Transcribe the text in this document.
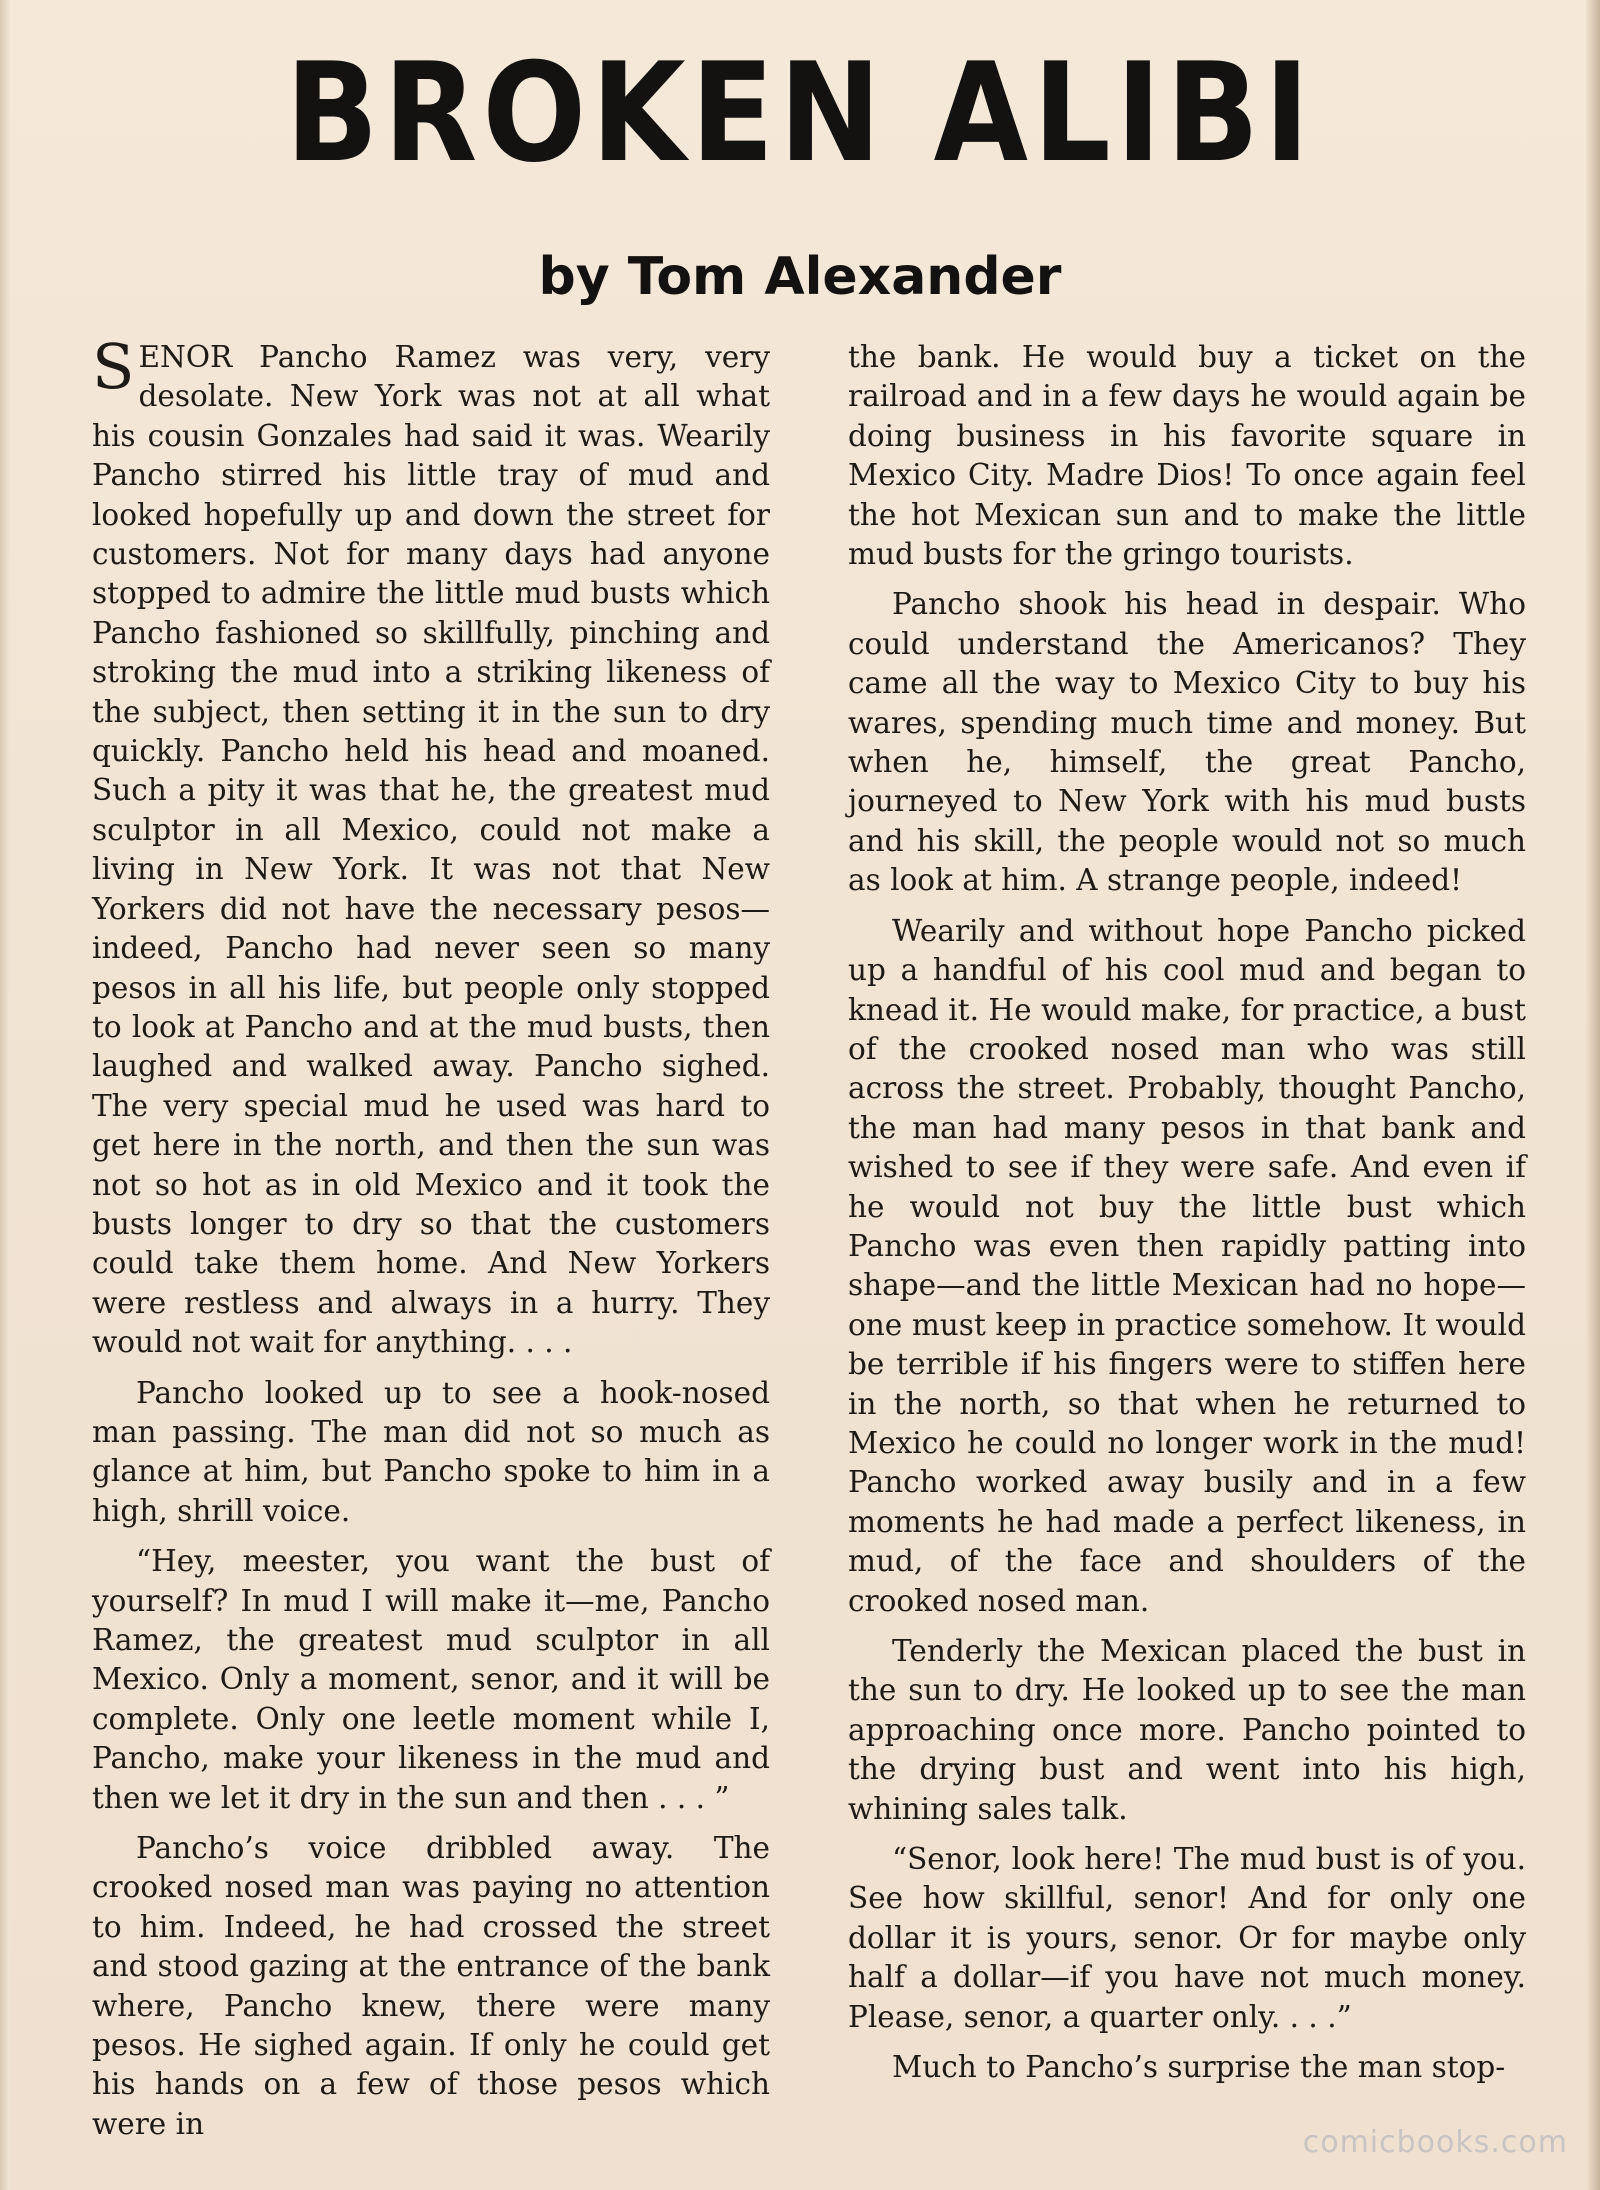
BROKEN ALIBI
by Tom Alexander

SENOR Pancho Ramez was very, very desolate. New York was not at all what his cousin Gonzales had said it was. Wearily Pancho stirred his little tray of mud and looked hopefully up and down the street for customers. Not for many days had anyone stopped to admire the little mud busts which Pancho fashioned so skillfully, pinching and stroking the mud into a striking likeness of the subject, then setting it in the sun to dry quickly. Pancho held his head and moaned. Such a pity it was that he, the greatest mud sculptor in all Mexico, could not make a living in New York. It was not that New Yorkers did not have the necessary pesos—indeed, Pancho had never seen so many pesos in all his life, but people only stopped to look at Pancho and at the mud busts, then laughed and walked away. Pancho sighed. The very special mud he used was hard to get here in the north, and then the sun was not so hot as in old Mexico and it took the busts longer to dry so that the customers could take them home. And New Yorkers were restless and always in a hurry. They would not wait for anything. . . .

Pancho looked up to see a hook-nosed man passing. The man did not so much as glance at him, but Pancho spoke to him in a high, shrill voice.

“Hey, meester, you want the bust of yourself? In mud I will make it—me, Pancho Ramez, the greatest mud sculptor in all Mexico. Only a moment, senor, and it will be complete. Only one leetle moment while I, Pancho, make your likeness in the mud and then we let it dry in the sun and then . . . ”

Pancho’s voice dribbled away. The crooked nosed man was paying no attention to him. Indeed, he had crossed the street and stood gazing at the entrance of the bank where, Pancho knew, there were many pesos. He sighed again. If only he could get his hands on a few of those pesos which were in

the bank. He would buy a ticket on the railroad and in a few days he would again be doing business in his favorite square in Mexico City. Madre Dios! To once again feel the hot Mexican sun and to make the little mud busts for the gringo tourists.

Pancho shook his head in despair. Who could understand the Americanos? They came all the way to Mexico City to buy his wares, spending much time and money. But when he, himself, the great Pancho, journeyed to New York with his mud busts and his skill, the people would not so much as look at him. A strange people, indeed!

Wearily and without hope Pancho picked up a handful of his cool mud and began to knead it. He would make, for practice, a bust of the crooked nosed man who was still across the street. Probably, thought Pancho, the man had many pesos in that bank and wished to see if they were safe. And even if he would not buy the little bust which Pancho was even then rapidly patting into shape—and the little Mexican had no hope—one must keep in practice somehow. It would be terrible if his fingers were to stiffen here in the north, so that when he returned to Mexico he could no longer work in the mud! Pancho worked away busily and in a few moments he had made a perfect likeness, in mud, of the face and shoulders of the crooked nosed man.

Tenderly the Mexican placed the bust in the sun to dry. He looked up to see the man approaching once more. Pancho pointed to the drying bust and went into his high, whining sales talk.

“Senor, look here! The mud bust is of you. See how skillful, senor! And for only one dollar it is yours, senor. Or for maybe only half a dollar—if you have not much money. Please, senor, a quarter only. . . .”

Much to Pancho’s surprise the man stop-

comicbooks.com
